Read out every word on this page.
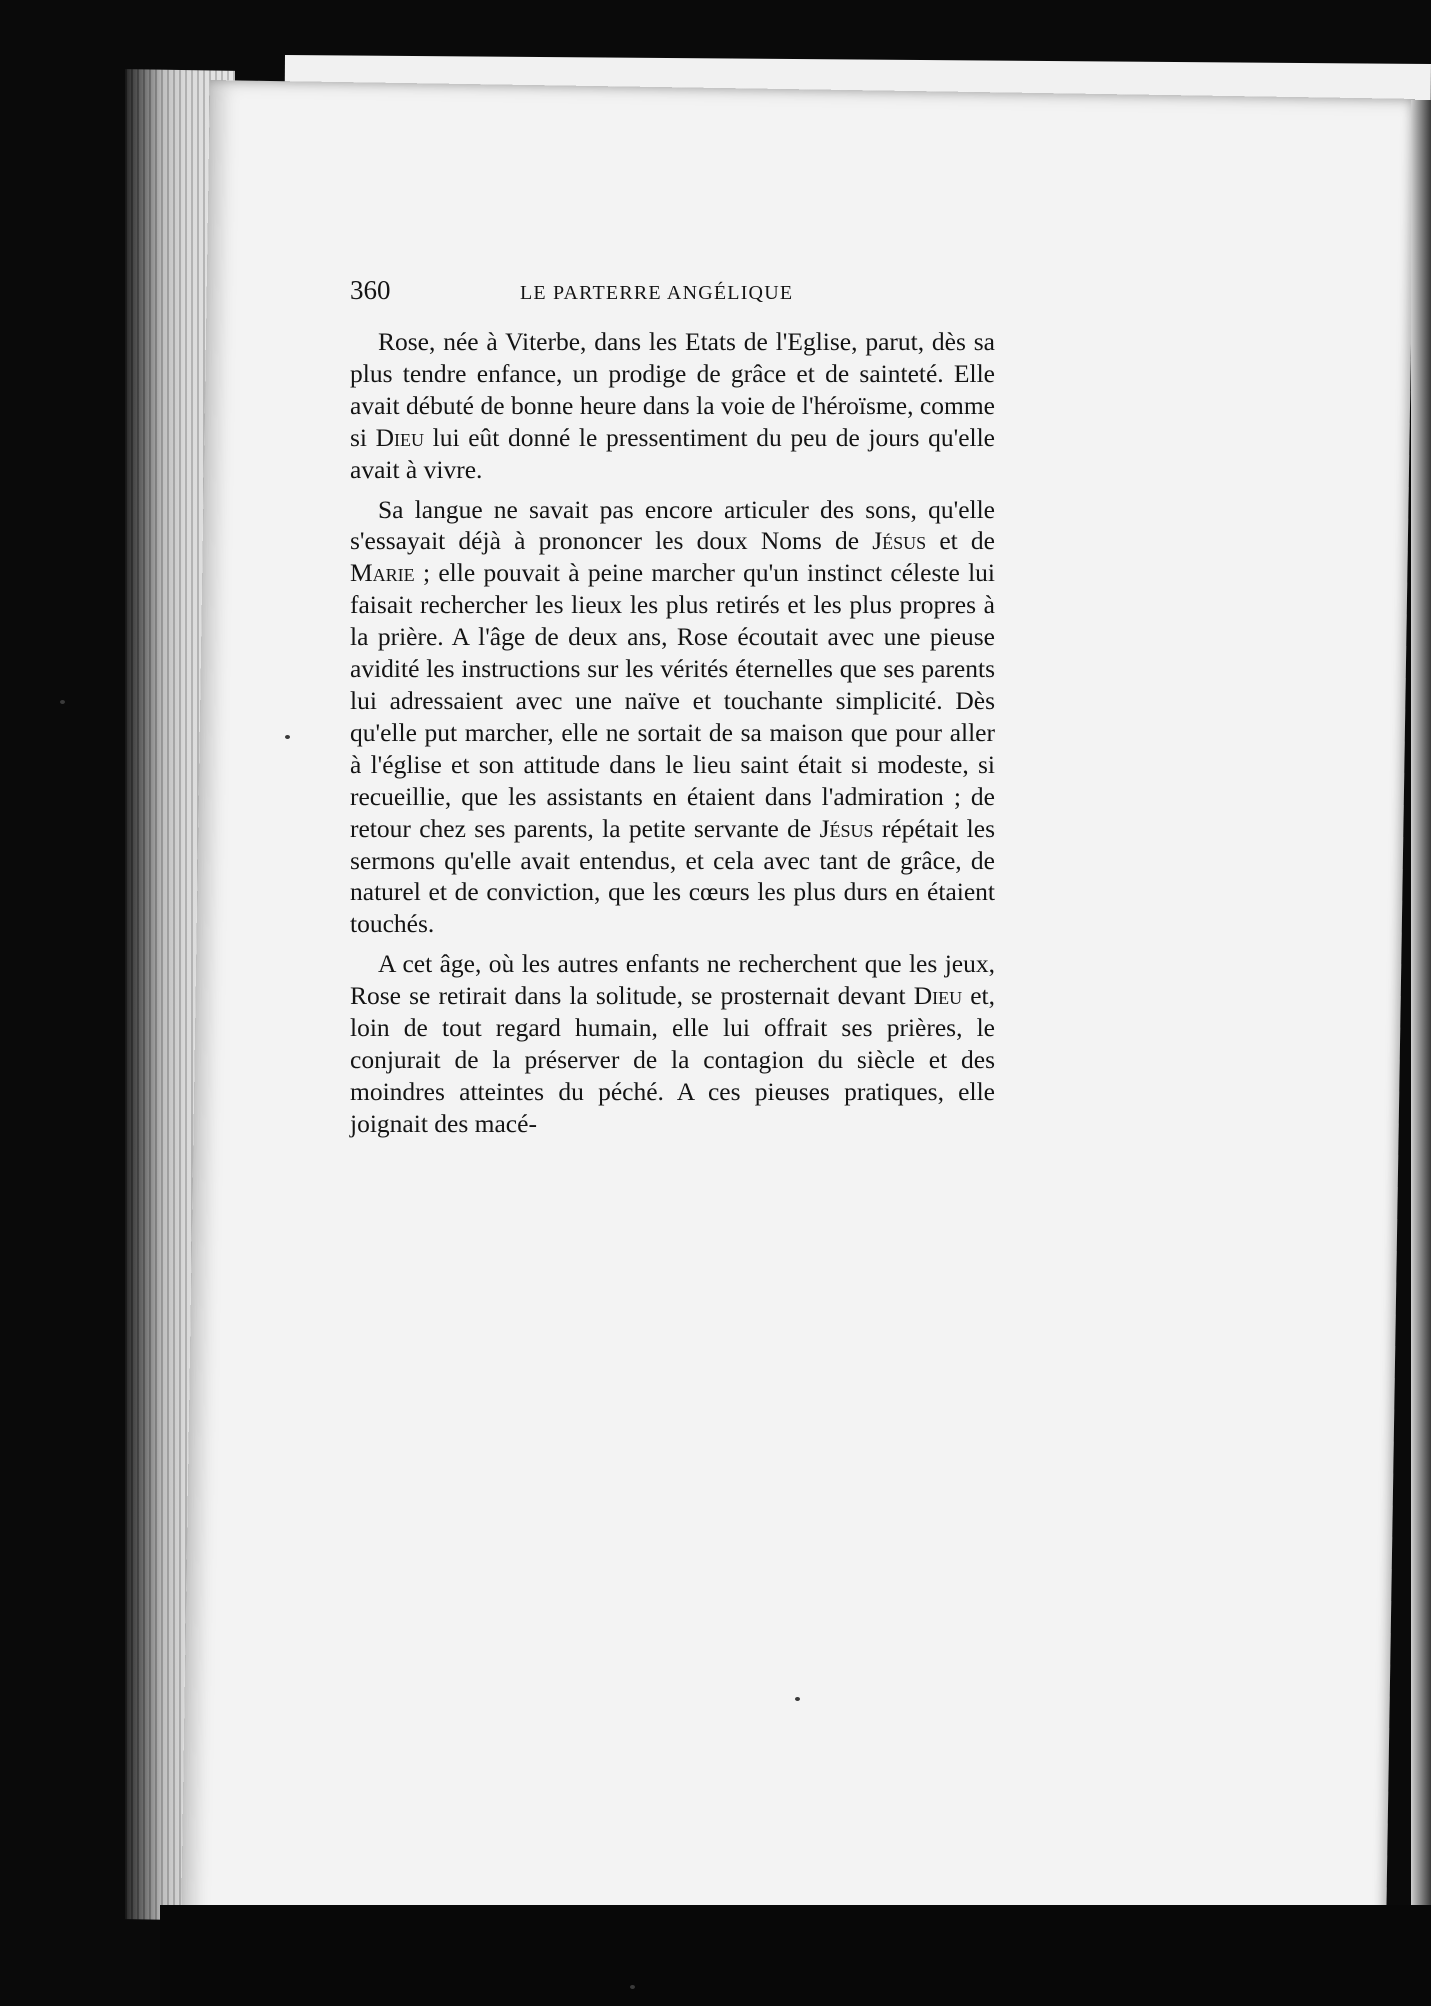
360	LE PARTERRE ANGÉLIQUE

Rose, née à Viterbe, dans les Etats de l'Eglise, parut, dès sa plus tendre enfance, un prodige de grâce et de sainteté. Elle avait débuté de bonne heure dans la voie de l'héroïsme, comme si Dieu lui eût donné le pressentiment du peu de jours qu'elle avait à vivre.

Sa langue ne savait pas encore articuler des sons, qu'elle s'essayait déjà à prononcer les doux Noms de Jésus et de Marie ; elle pouvait à peine marcher qu'un instinct céleste lui faisait rechercher les lieux les plus retirés et les plus propres à la prière. A l'âge de deux ans, Rose écoutait avec une pieuse avidité les instructions sur les vérités éternelles que ses parents lui adressaient avec une naïve et touchante simplicité. Dès qu'elle put marcher, elle ne sortait de sa maison que pour aller à l'église et son attitude dans le lieu saint était si modeste, si recueillie, que les assistants en étaient dans l'admiration ; de retour chez ses parents, la petite servante de Jésus répétait les sermons qu'elle avait entendus, et cela avec tant de grâce, de naturel et de conviction, que les cœurs les plus durs en étaient touchés.

A cet âge, où les autres enfants ne recherchent que les jeux, Rose se retirait dans la solitude, se prosternait devant Dieu et, loin de tout regard humain, elle lui offrait ses prières, le conjurait de la préserver de la contagion du siècle et des moindres atteintes du péché. A ces pieuses pratiques, elle joignait des macé-
